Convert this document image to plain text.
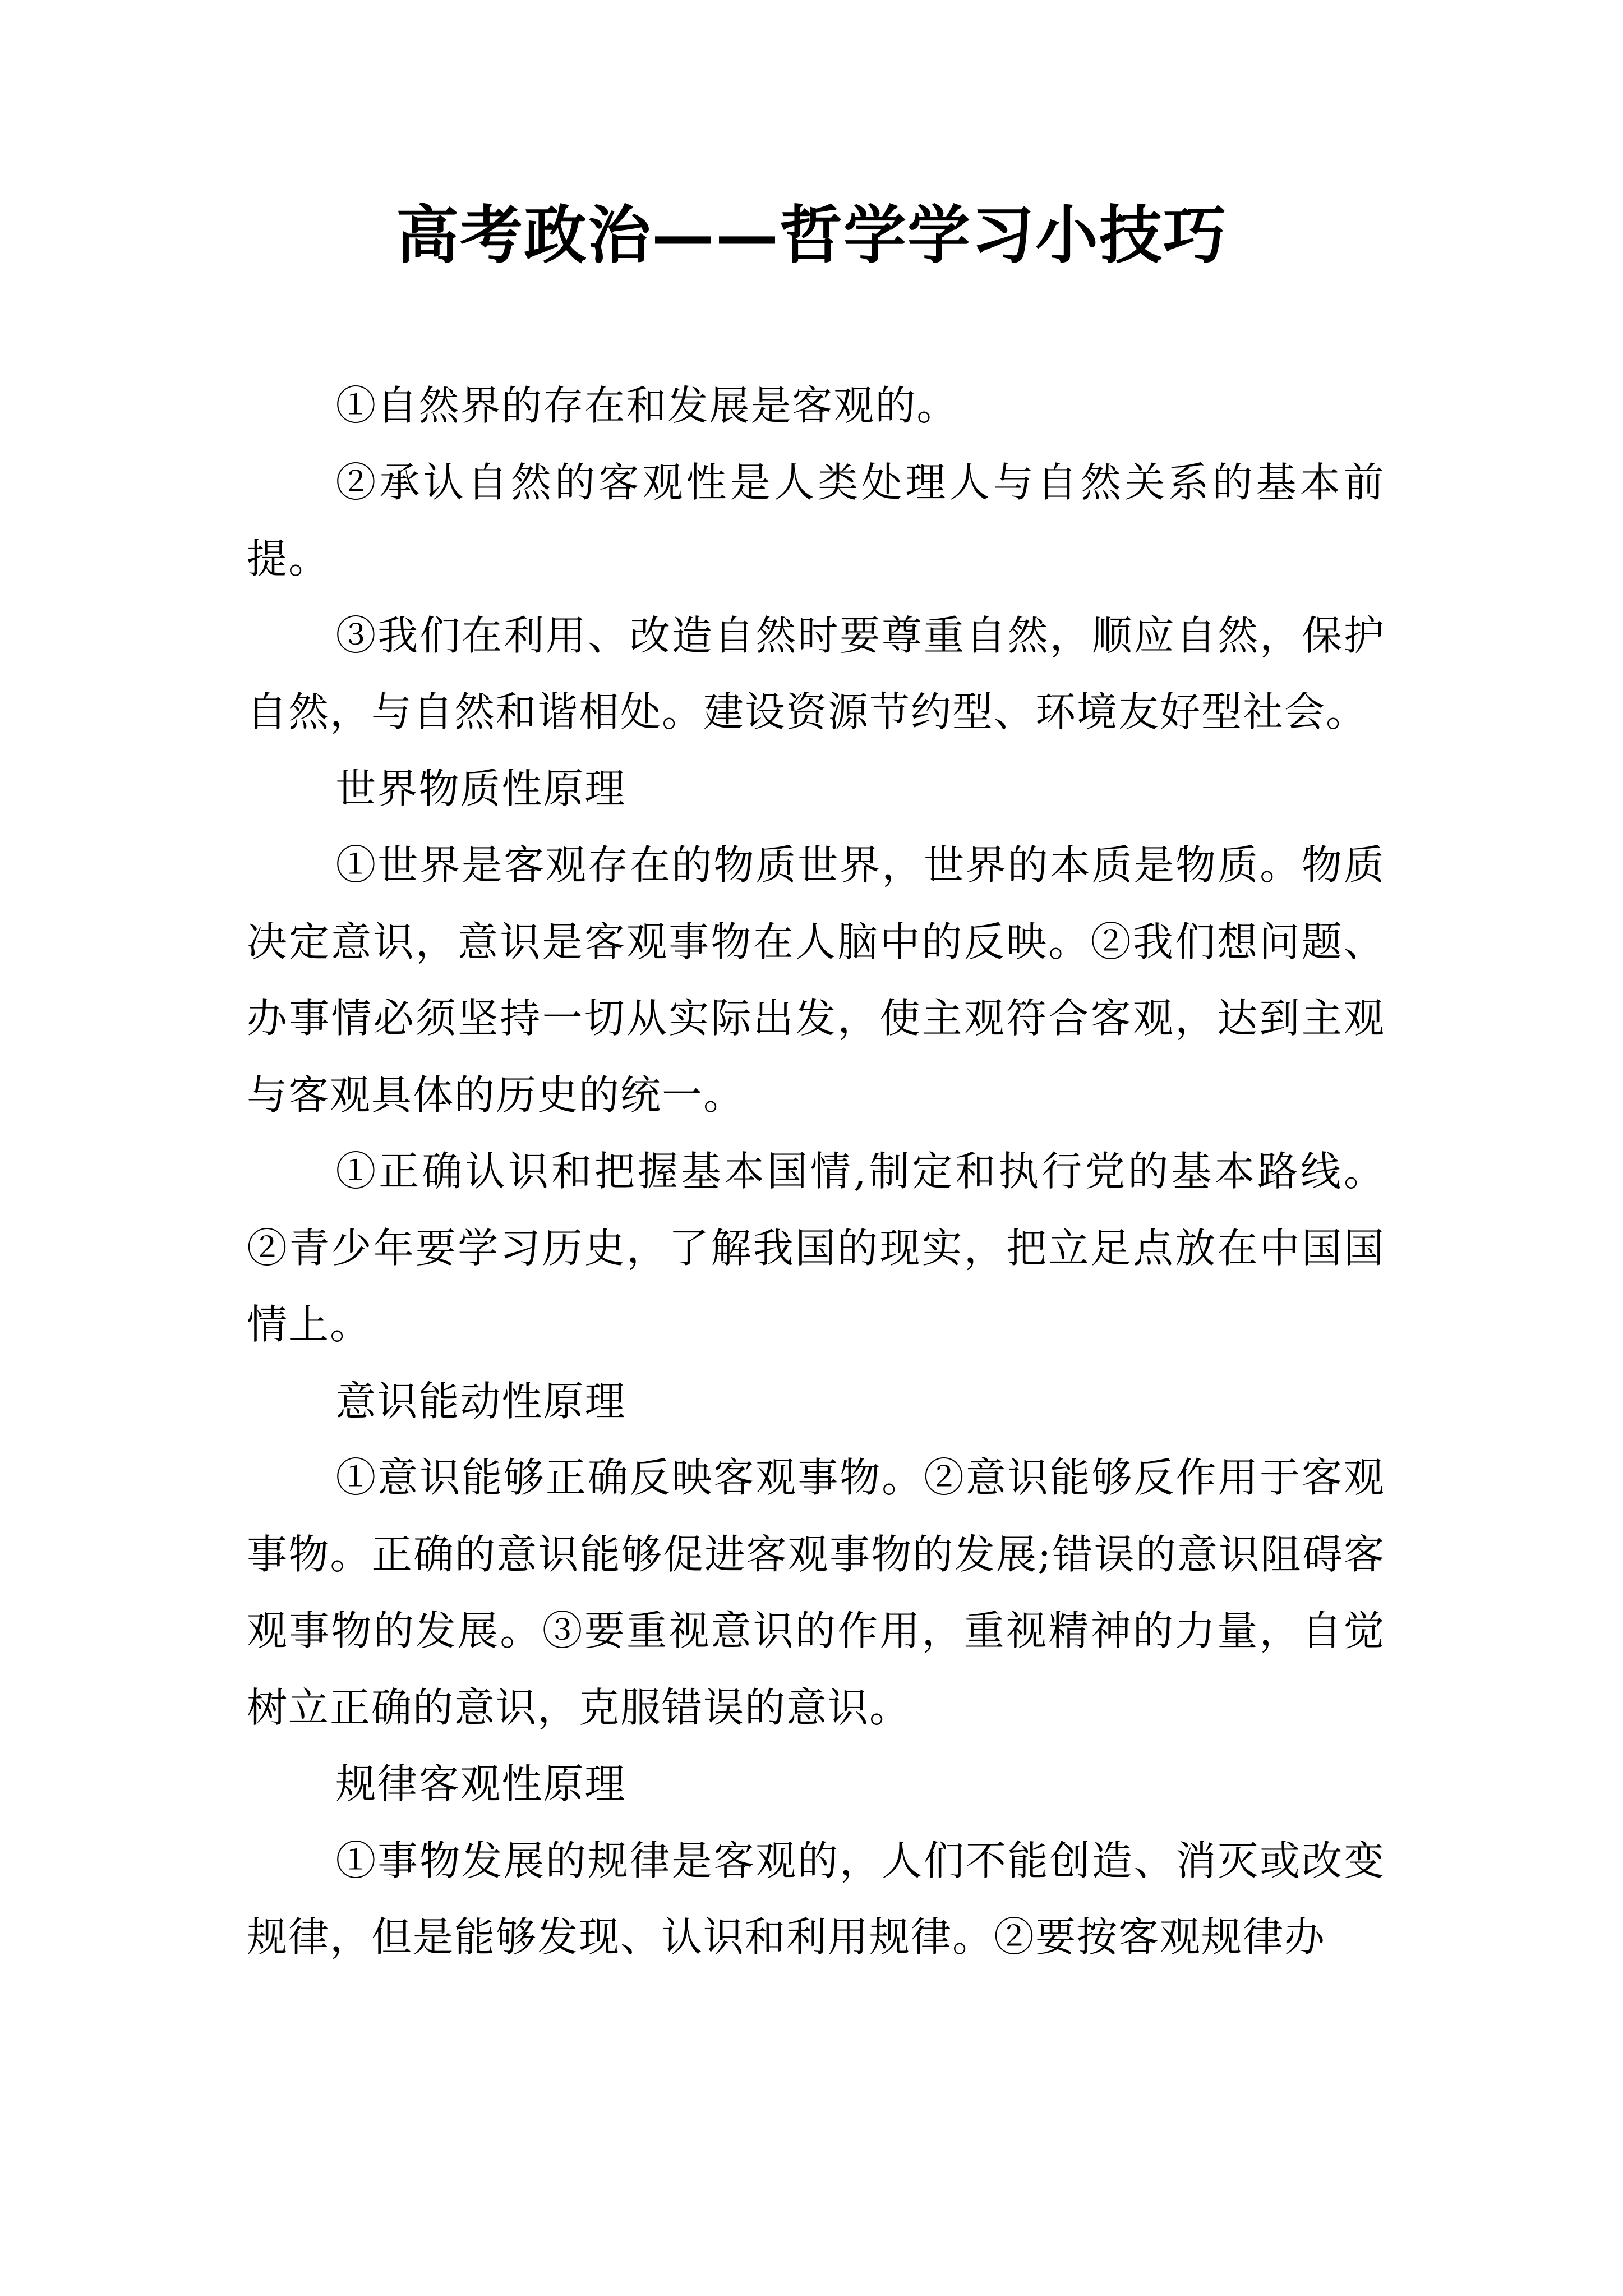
高考政治——哲学学习小技巧

①自然界的存在和发展是客观的。

②承认自然的客观性是人类处理人与自然关系的基本前提。

③我们在利用、改造自然时要尊重自然，顺应自然，保护自然，与自然和谐相处。建设资源节约型、环境友好型社会。

世界物质性原理

①世界是客观存在的物质世界，世界的本质是物质。物质决定意识，意识是客观事物在人脑中的反映。②我们想问题、办事情必须坚持一切从实际出发，使主观符合客观，达到主观与客观具体的历史的统一。

①正确认识和把握基本国情,制定和执行党的基本路线。②青少年要学习历史，了解我国的现实，把立足点放在中国国情上。

意识能动性原理

①意识能够正确反映客观事物。②意识能够反作用于客观事物。正确的意识能够促进客观事物的发展;错误的意识阻碍客观事物的发展。③要重视意识的作用，重视精神的力量，自觉树立正确的意识，克服错误的意识。

规律客观性原理

①事物发展的规律是客观的，人们不能创造、消灭或改变规律，但是能够发现、认识和利用规律。②要按客观规律办
